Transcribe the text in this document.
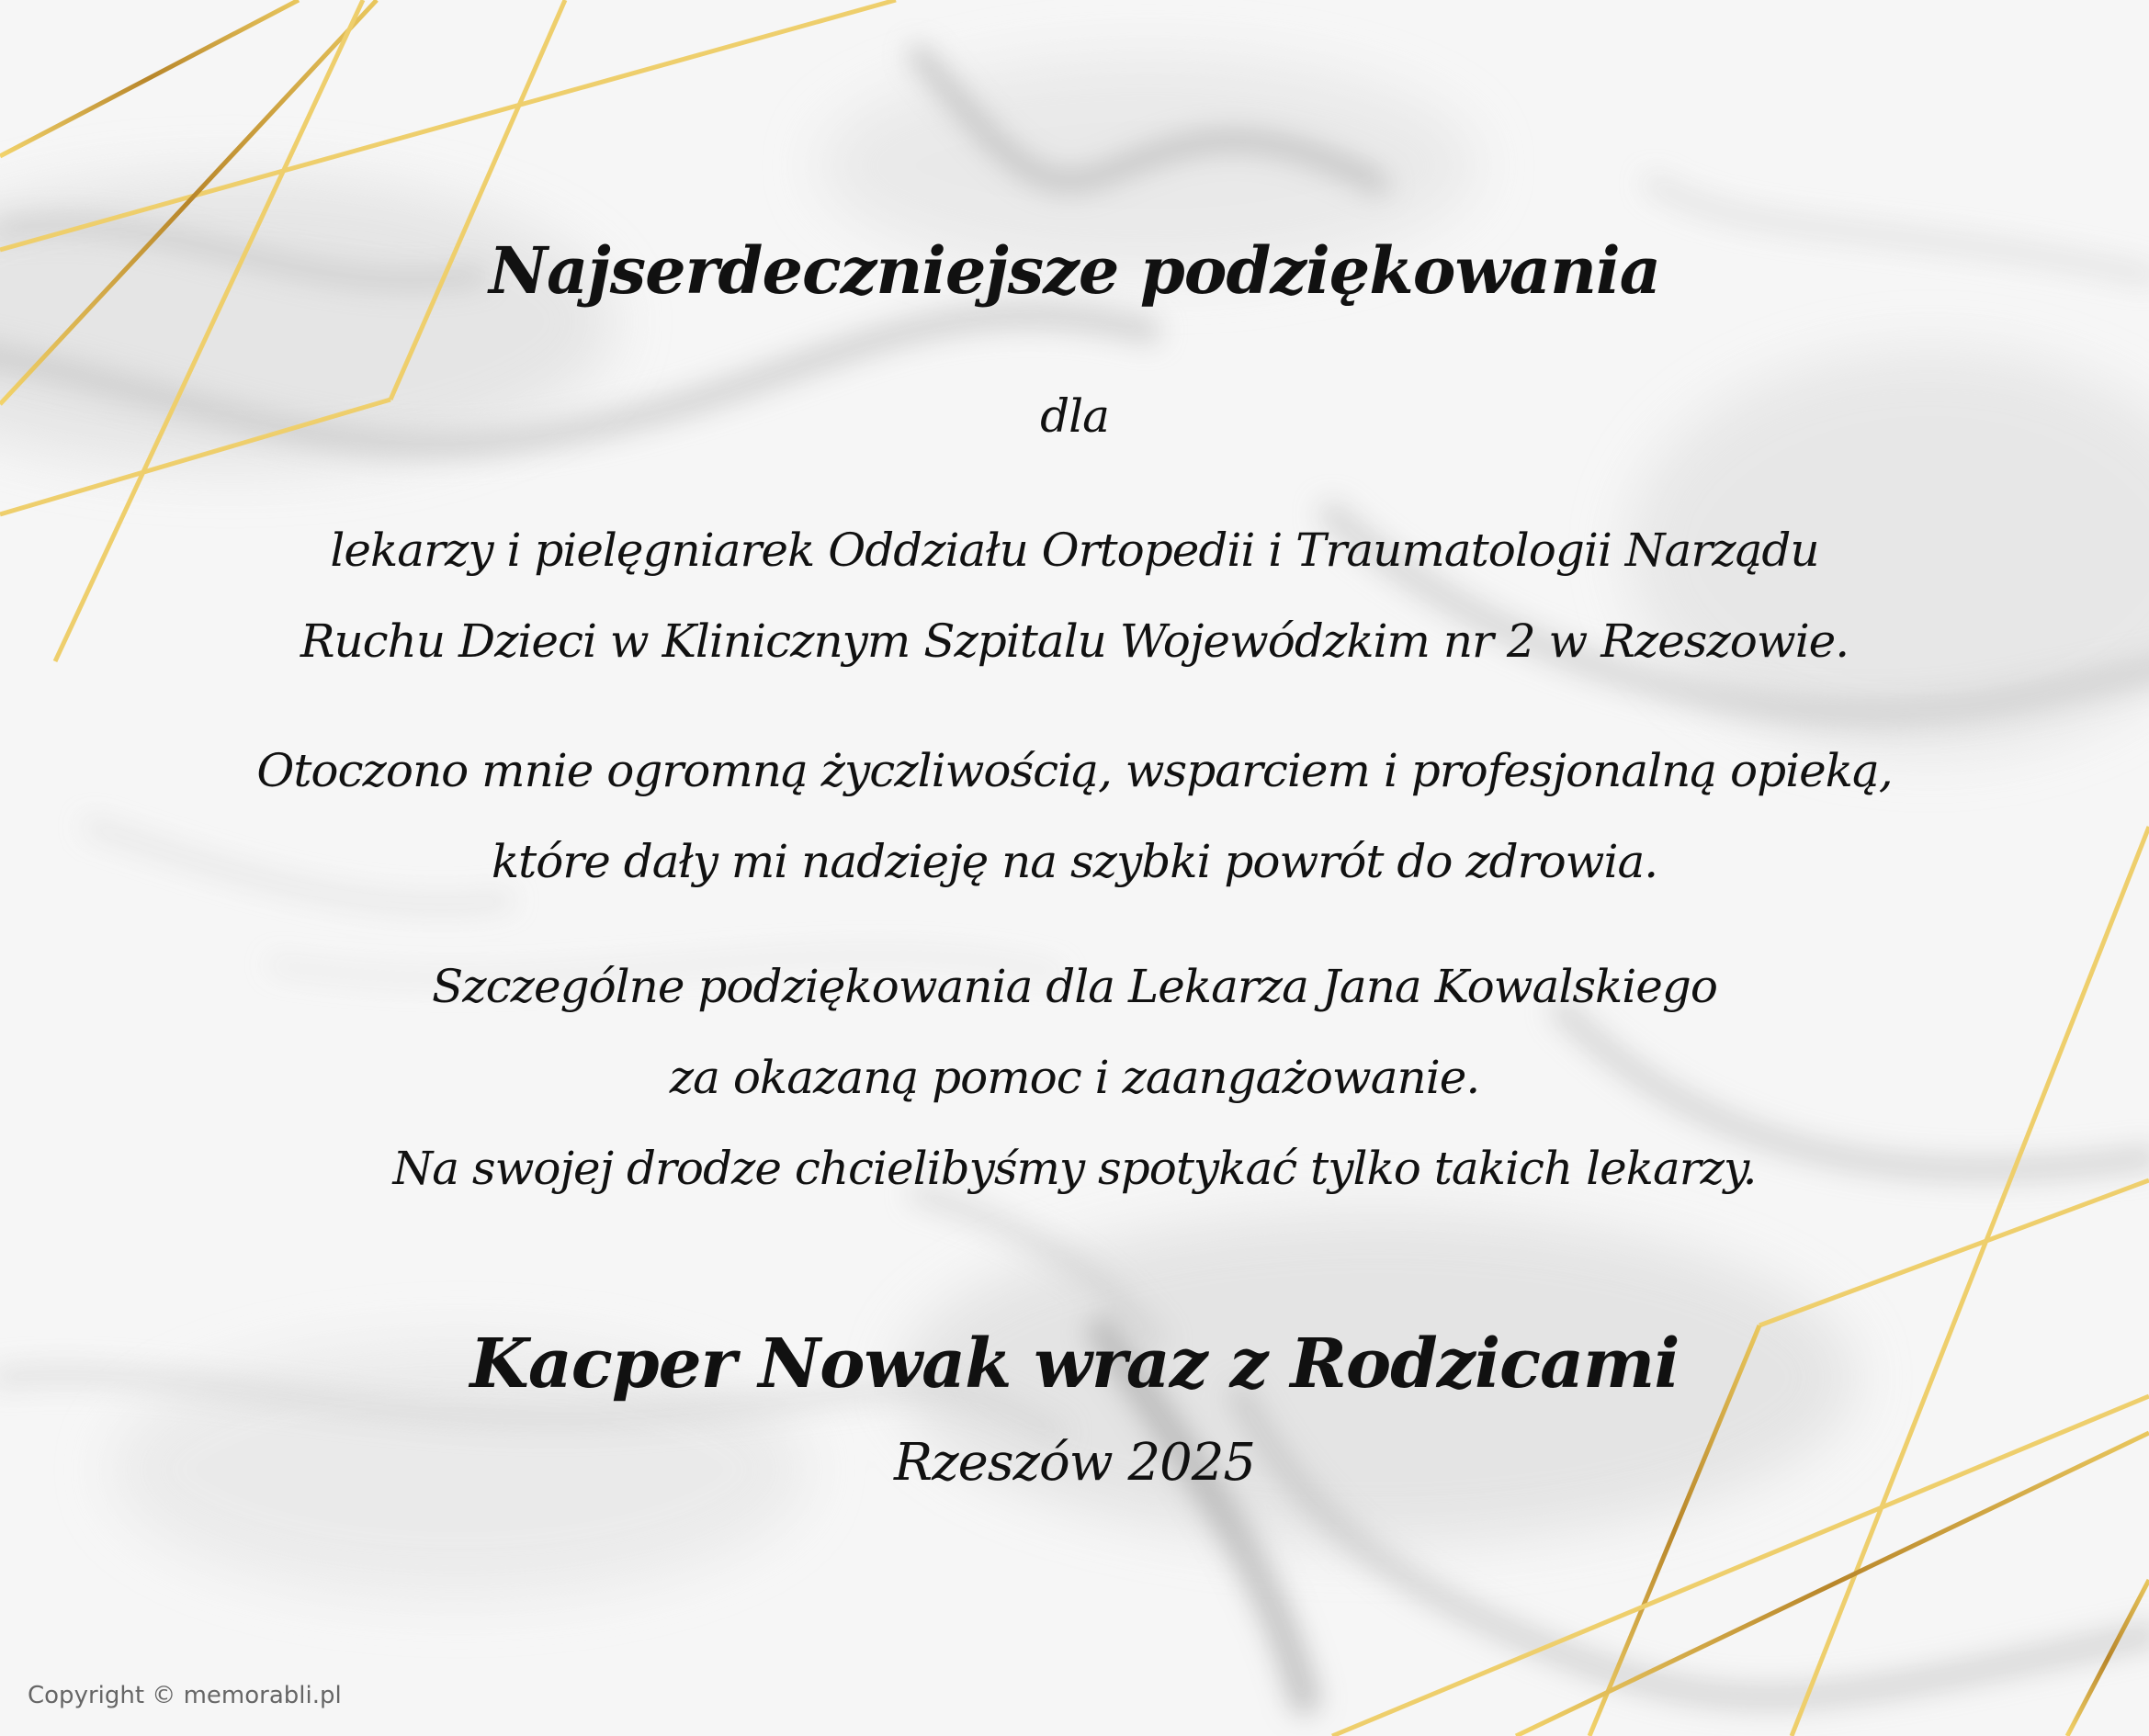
Najserdeczniejsze podziękowania
dla
lekarzy i pielęgniarek Oddziału Ortopedii i Traumatologii Narządu
Ruchu Dzieci w Klinicznym Szpitalu Wojewódzkim nr 2 w Rzeszowie.
Otoczono mnie ogromną życzliwością, wsparciem i profesjonalną opieką,
które dały mi nadzieję na szybki powrót do zdrowia.
Szczególne podziękowania dla Lekarza Jana Kowalskiego
za okazaną pomoc i zaangażowanie.
Na swojej drodze chcielibyśmy spotykać tylko takich lekarzy.
Kacper Nowak wraz z Rodzicami
Rzeszów 2025
Copyright © memorabli.pl
